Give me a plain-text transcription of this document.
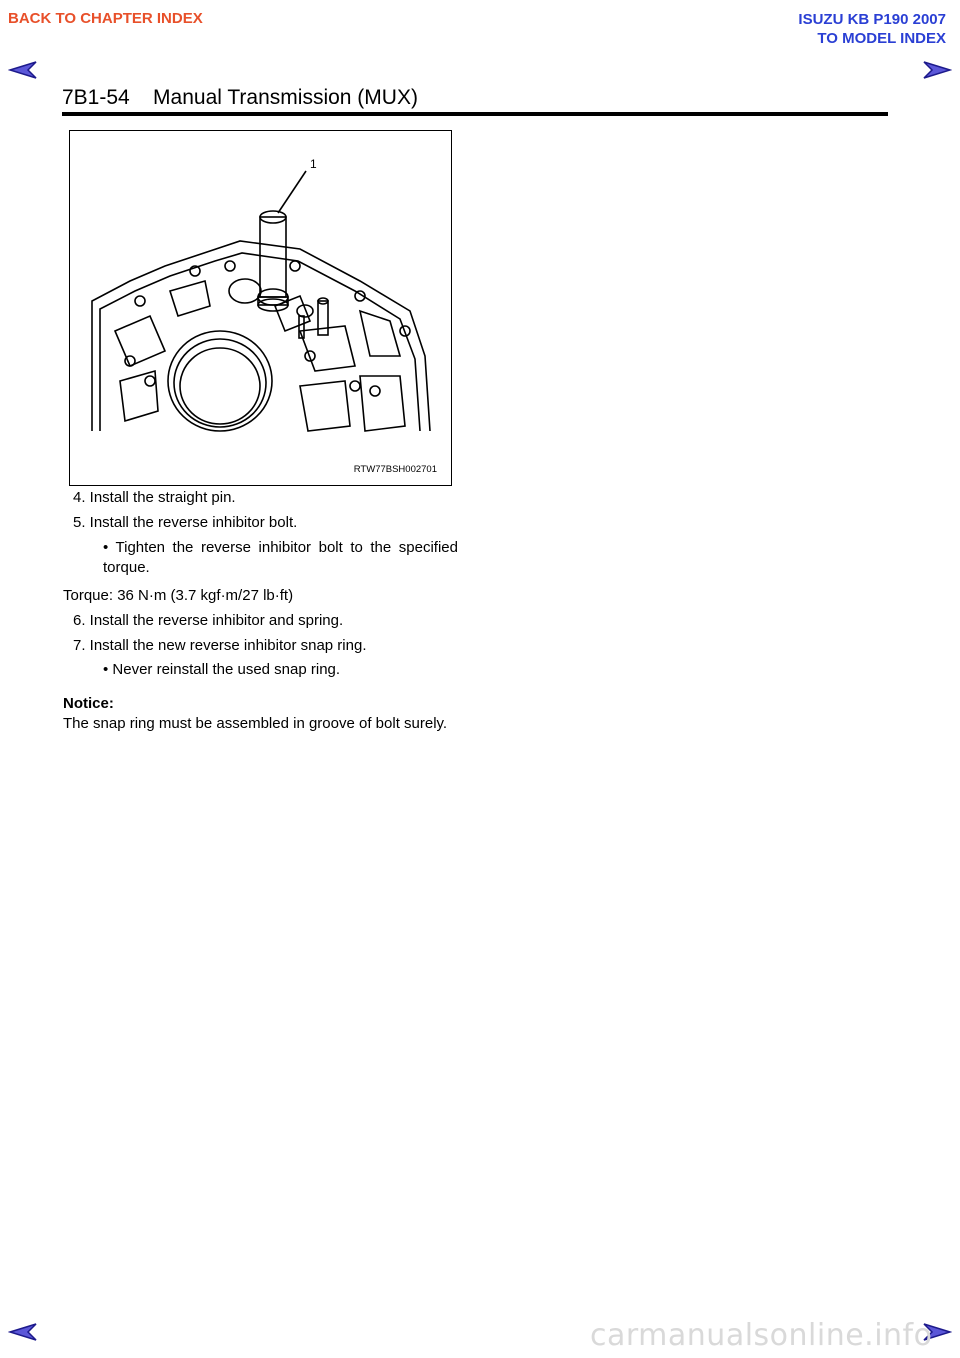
BACK TO CHAPTER INDEX	ISUZU KB P190 2007
TO MODEL INDEX
7B1-54    Manual Transmission (MUX)
1
RTW77BSH002701
4. Install the straight pin.
5. Install the reverse inhibitor bolt.
• Tighten the reverse inhibitor bolt to the specified torque.
Torque: 36 N·m (3.7 kgf·m/27 lb·ft)
6. Install the reverse inhibitor and spring.
7. Install the new reverse inhibitor snap ring.
• Never reinstall the used snap ring.
Notice:
The snap ring must be assembled in groove of bolt surely.
carmanualsonline.info
